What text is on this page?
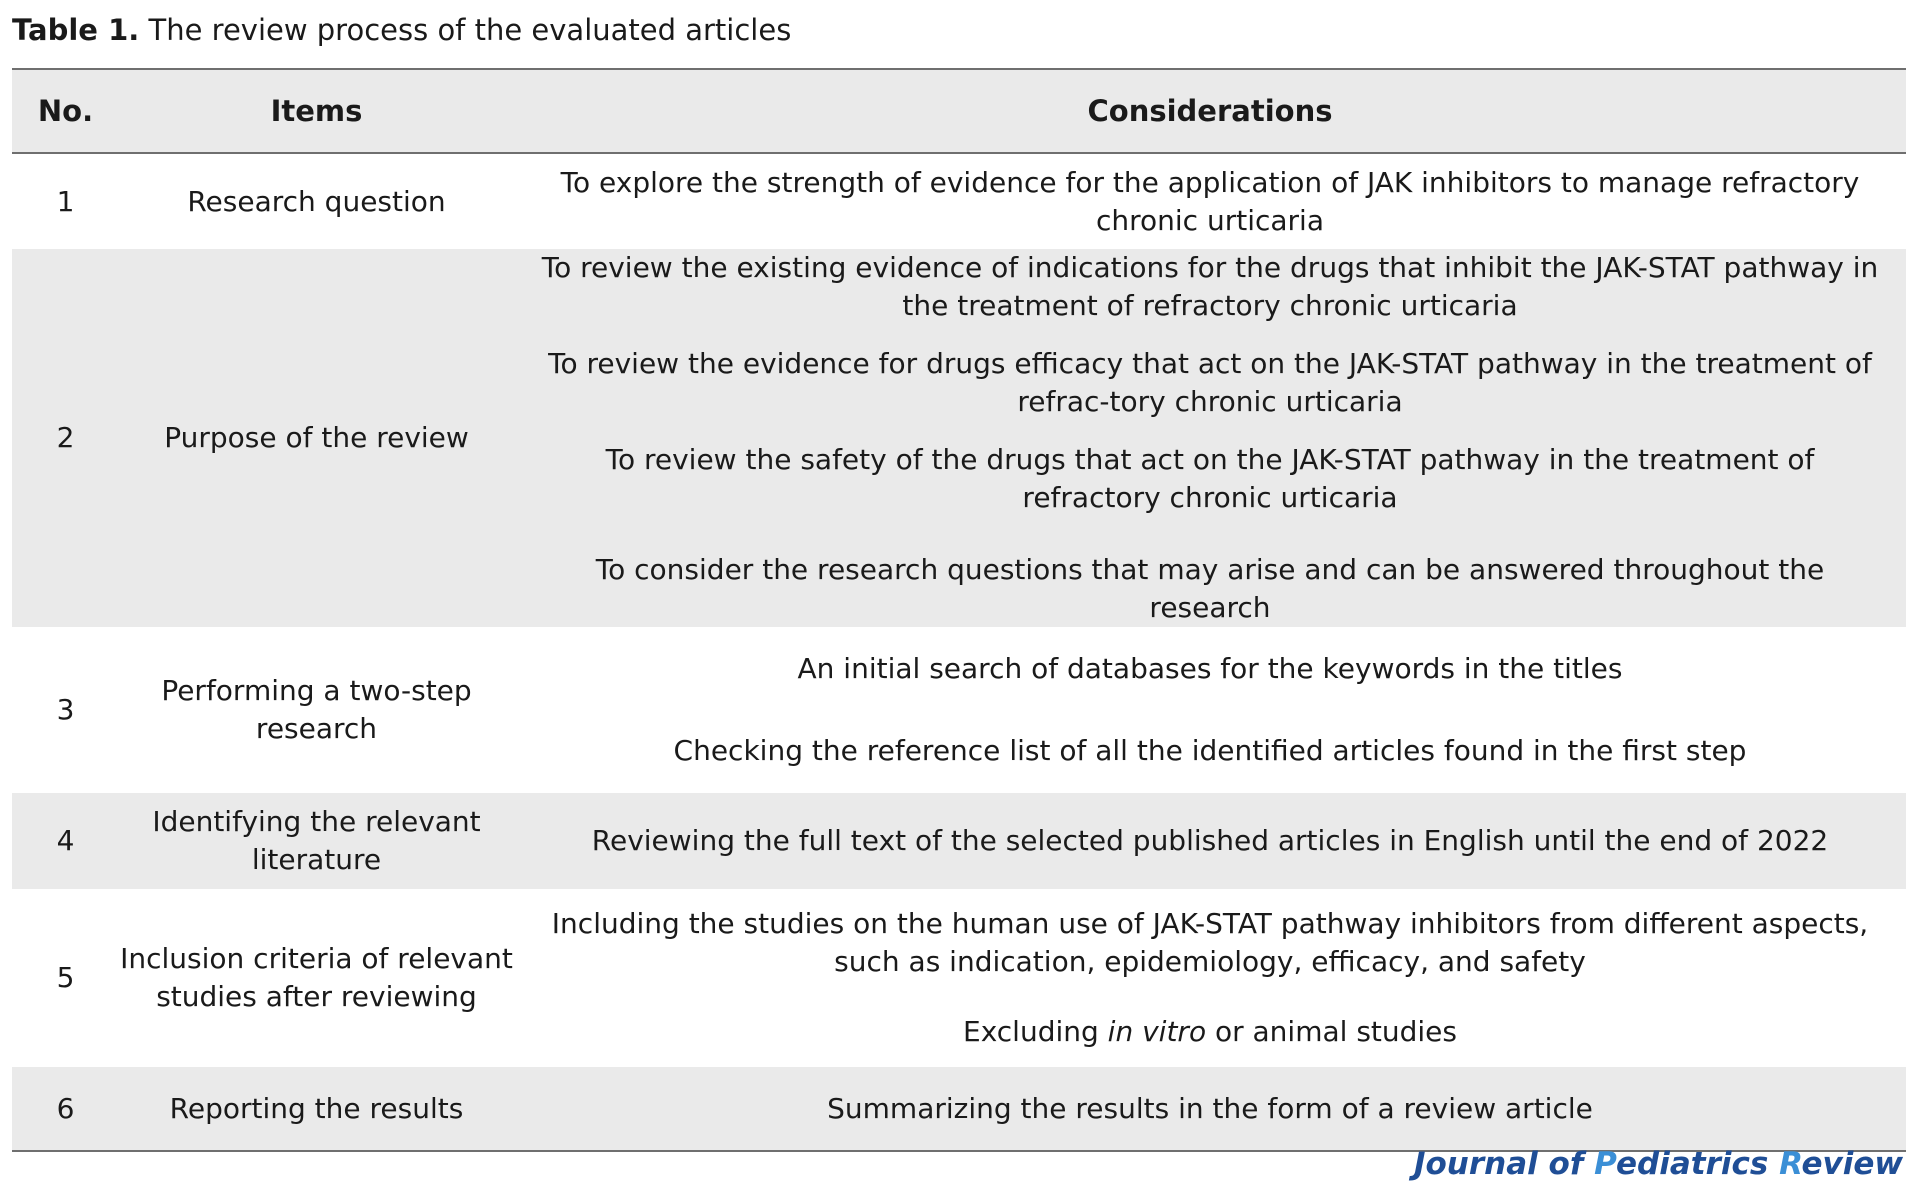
Table 1. The review process of the evaluated articles
No.	Items	Considerations
1	Research question	To explore the strength of evidence for the application of JAK inhibitors to manage refractory chronic urticaria

2	Purpose of the review	To review the existing evidence of indications for the drugs that inhibit the JAK-STAT pathway in the treatment of refractory chronic urticaria
To review the evidence for drugs efficacy that act on the JAK-STAT pathway in the treatment of refrac-tory chronic urticaria
To review the safety of the drugs that act on the JAK-STAT pathway in the treatment of refractory chronic urticaria
To consider the research questions that may arise and can be answered throughout the research

3	Performing a two-step research	An initial search of databases for the keywords in the titles
Checking the reference list of all the identified articles found in the first step

4	Identifying the relevant literature	Reviewing the full text of the selected published articles in English until the end of 2022

5	Inclusion criteria of relevant studies after reviewing	Including the studies on the human use of JAK-STAT pathway inhibitors from different aspects, such as indication, epidemiology, efficacy, and safety
Excluding in vitro or animal studies

6	Reporting the results	Summarizing the results in the form of a review article
Journal of Pediatrics Review
